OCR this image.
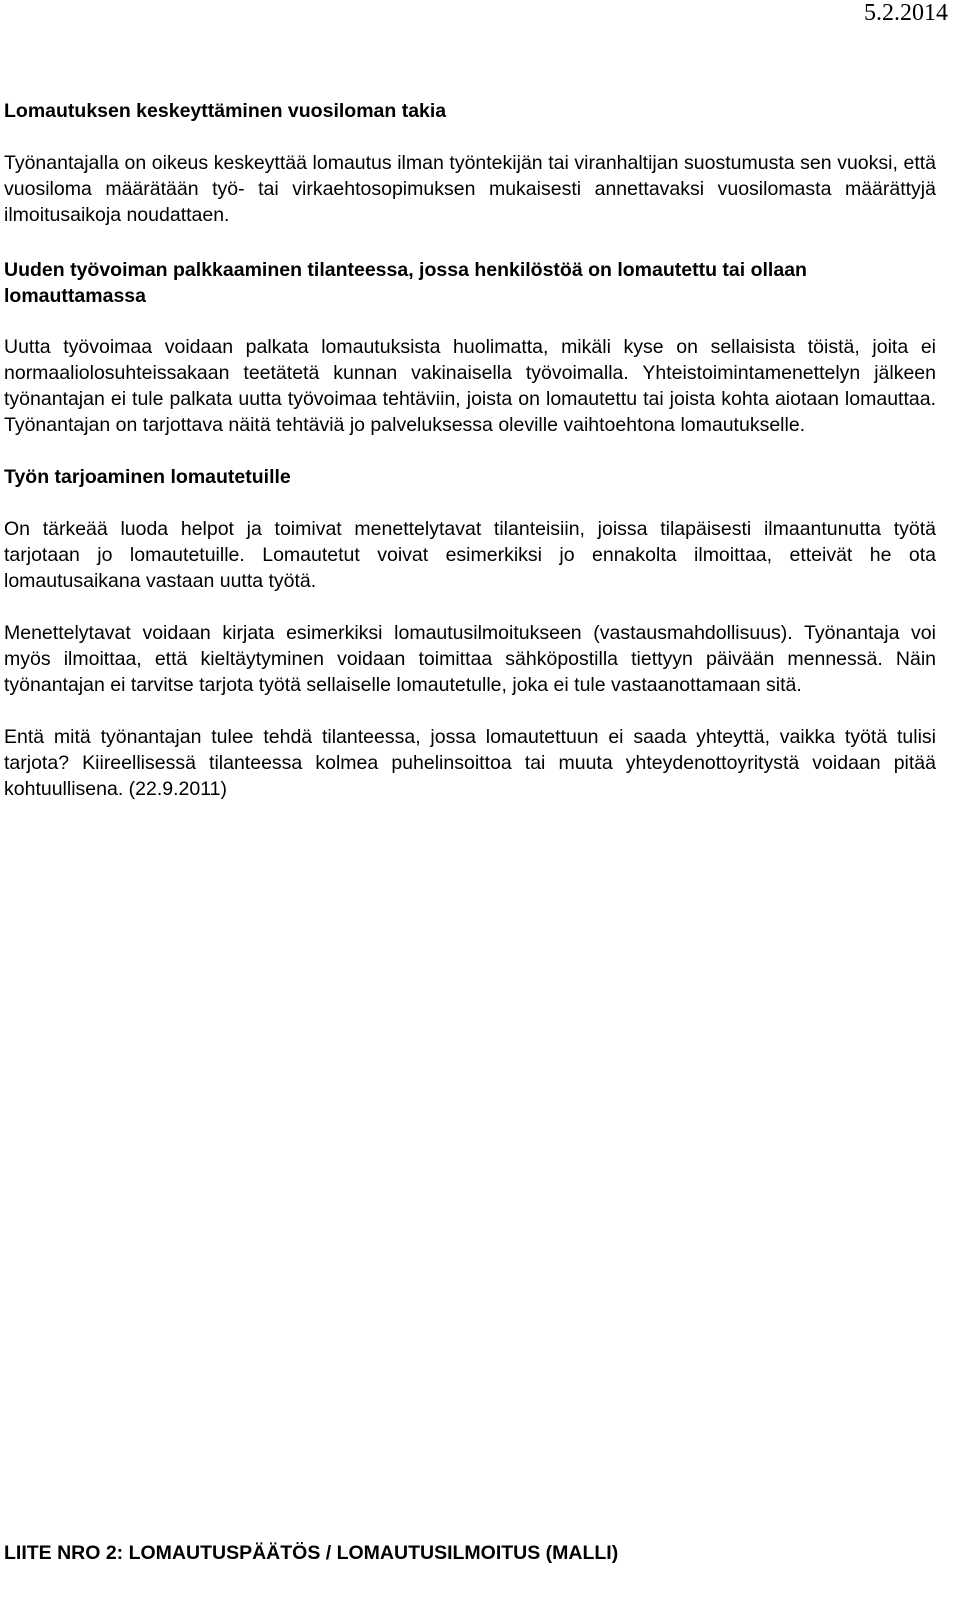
5.2.2014
Lomautuksen keskeyttäminen vuosiloman takia

Työnantajalla on oikeus keskeyttää lomautus ilman työntekijän tai viranhaltijan suostumusta sen vuoksi, että vuosiloma määrätään työ- tai virkaehtosopimuksen mukaisesti annettavaksi vuosilomasta määrättyjä ilmoitusaikoja noudattaen.

Uuden työvoiman palkkaaminen tilanteessa, jossa henkilöstöä on lomautettu tai ollaan lomauttamassa

Uutta työvoimaa voidaan palkata lomautuksista huolimatta, mikäli kyse on sellaisista töistä, joita ei normaaliolosuhteissakaan teetätetä kunnan vakinaisella työvoimalla. Yhteistoimintamenettelyn jälkeen työnantajan ei tule palkata uutta työvoimaa tehtäviin, joista on lomautettu tai joista kohta aiotaan lomauttaa. Työnantajan on tarjottava näitä tehtäviä jo palveluksessa oleville vaihtoehtona lomautukselle.

Työn tarjoaminen lomautetuille

On tärkeää luoda helpot ja toimivat menettelytavat tilanteisiin, joissa tilapäisesti ilmaantunutta työtä tarjotaan jo lomautetuille. Lomautetut voivat esimerkiksi jo ennakolta ilmoittaa, etteivät he ota lomautusaikana vastaan uutta työtä.

Menettelytavat voidaan kirjata esimerkiksi lomautusilmoitukseen (vastausmahdollisuus). Työnantaja voi myös ilmoittaa, että kieltäytyminen voidaan toimittaa sähköpostilla tiettyyn päivään mennessä. Näin työnantajan ei tarvitse tarjota työtä sellaiselle lomautetulle, joka ei tule vastaanottamaan sitä.

Entä mitä työnantajan tulee tehdä tilanteessa, jossa lomautettuun ei saada yhteyttä, vaikka työtä tulisi tarjota? Kiireellisessä tilanteessa kolmea puhelinsoittoa tai muuta yhteydenottoyritystä voidaan pitää kohtuullisena. (22.9.2011)

LIITE NRO 2: LOMAUTUSPÄÄTÖS / LOMAUTUSILMOITUS (MALLI)
